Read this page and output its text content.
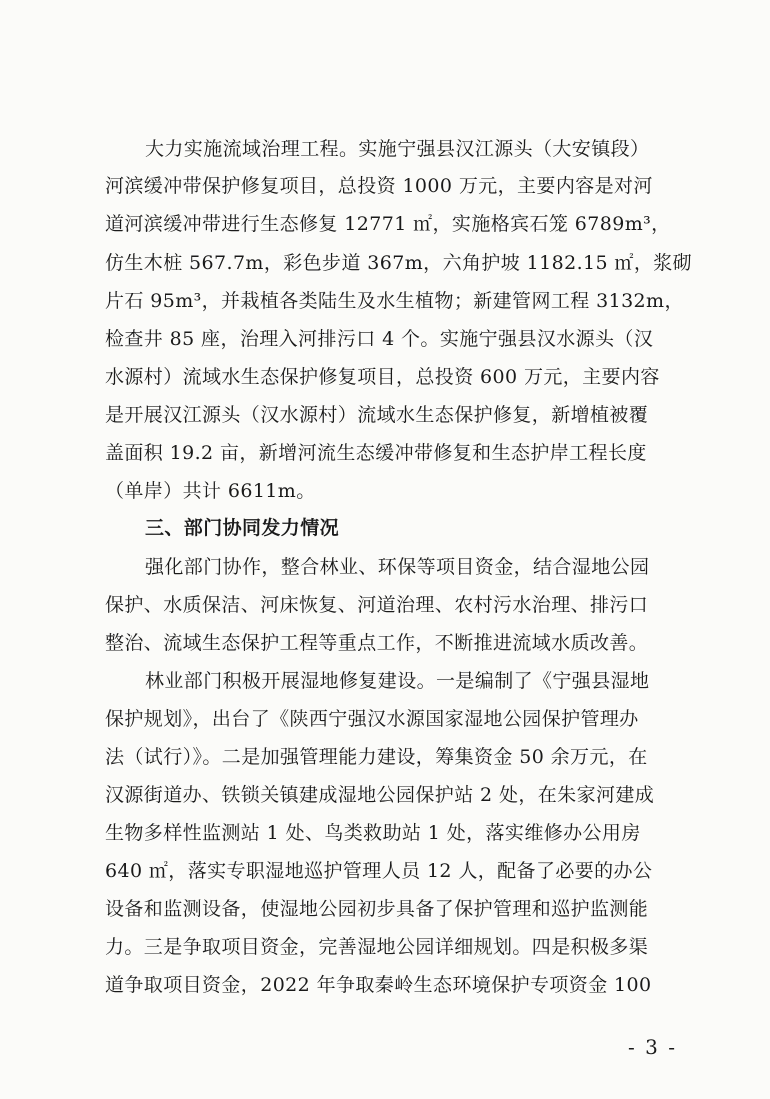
大力实施流域治理工程。实施宁强县汉江源头（大安镇段）
河滨缓冲带保护修复项目，总投资 1000 万元，主要内容是对河
道河滨缓冲带进行生态修复 12771 ㎡，实施格宾石笼 6789m³，
仿生木桩 567.7m，彩色步道 367m，六角护坡 1182.15 ㎡，浆砌
片石 95m³，并栽植各类陆生及水生植物；新建管网工程 3132m，
检查井 85 座，治理入河排污口 4 个。实施宁强县汉水源头（汉
水源村）流域水生态保护修复项目，总投资 600 万元，主要内容
是开展汉江源头（汉水源村）流域水生态保护修复，新增植被覆
盖面积 19.2 亩，新增河流生态缓冲带修复和生态护岸工程长度
（单岸）共计 6611m。
三、部门协同发力情况
强化部门协作，整合林业、环保等项目资金，结合湿地公园
保护、水质保洁、河床恢复、河道治理、农村污水治理、排污口
整治、流域生态保护工程等重点工作，不断推进流域水质改善。
林业部门积极开展湿地修复建设。一是编制了《宁强县湿地
保护规划》，出台了《陕西宁强汉水源国家湿地公园保护管理办
法（试行）》。二是加强管理能力建设，筹集资金 50 余万元，在
汉源街道办、铁锁关镇建成湿地公园保护站 2 处，在朱家河建成
生物多样性监测站 1 处、鸟类救助站 1 处，落实维修办公用房
640 ㎡，落实专职湿地巡护管理人员 12 人，配备了必要的办公
设备和监测设备，使湿地公园初步具备了保护管理和巡护监测能
力。三是争取项目资金，完善湿地公园详细规划。四是积极多渠
道争取项目资金，2022 年争取秦岭生态环境保护专项资金 100
- 3 -
